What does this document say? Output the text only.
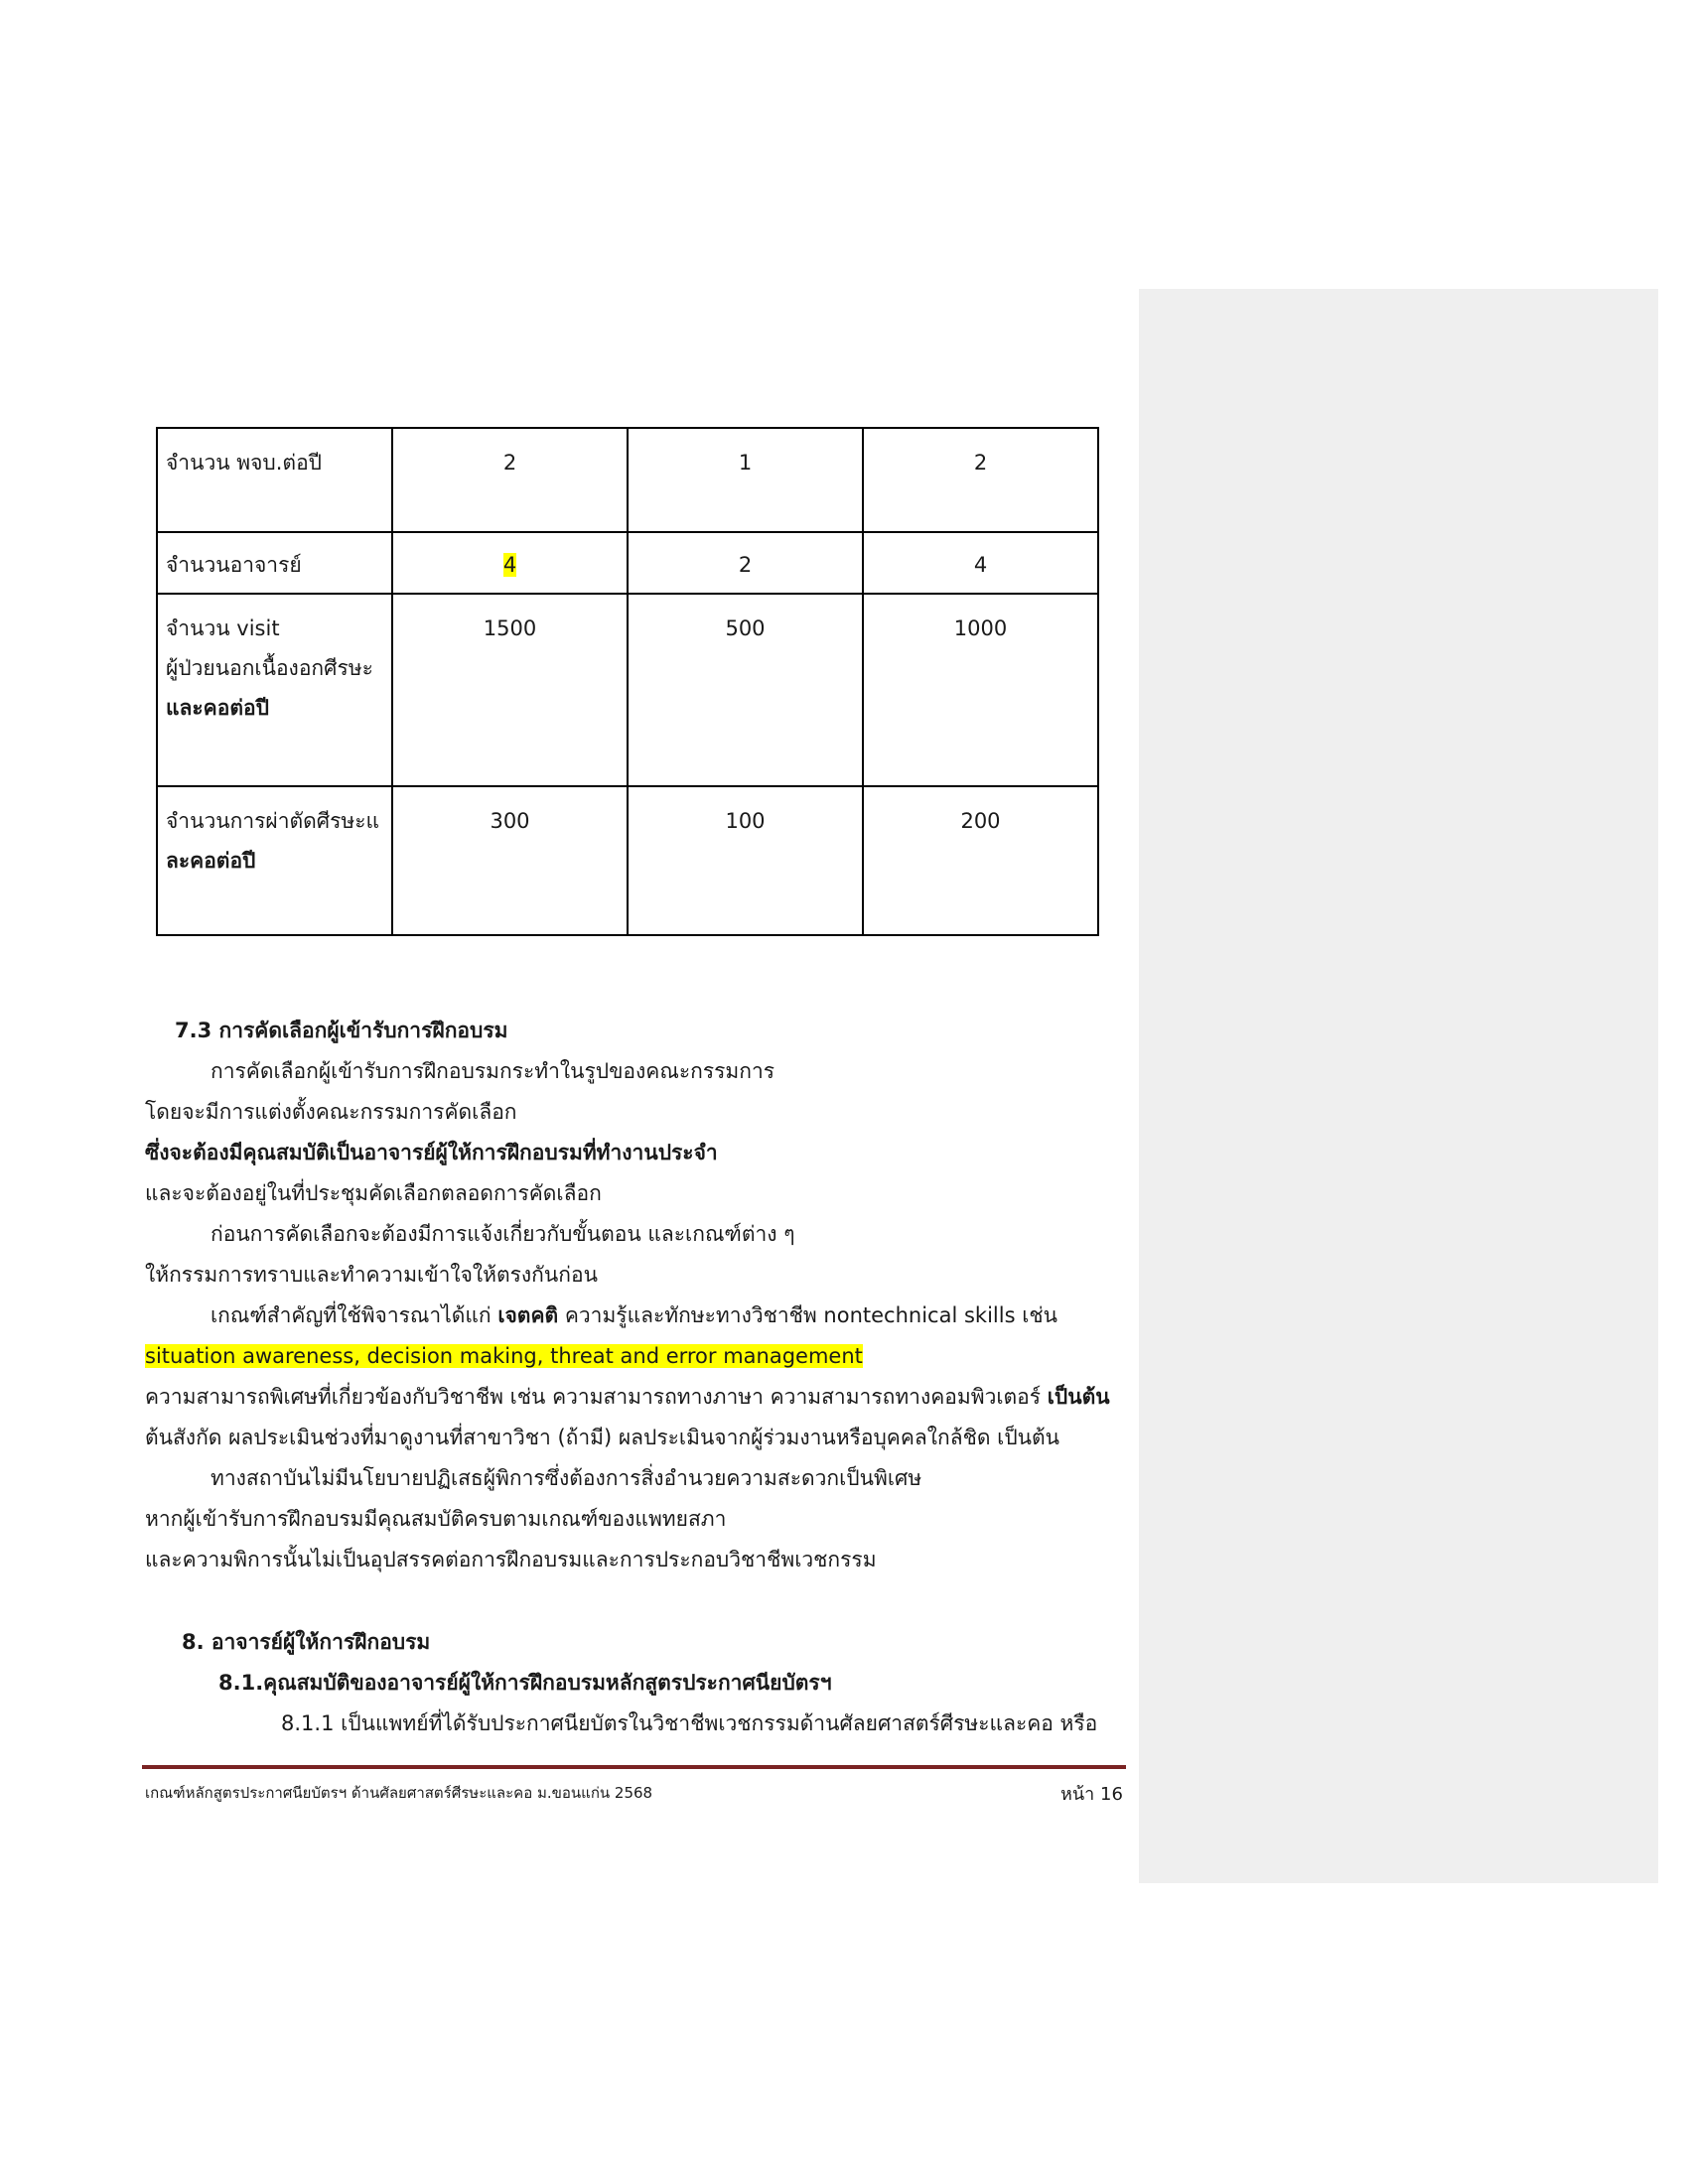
จำนวน พจบ.ต่อปี	2	1	2
จำนวนอาจารย์	4	2	4
จำนวน visit
ผู้ป่วยนอกเนื้องอกศีรษะ
และคอต่อปี	1500	500	1000
จำนวนการผ่าตัดศีรษะแ
ละคอต่อปี	300	100	200

7.3 การคัดเลือกผู้เข้ารับการฝึกอบรม

การคัดเลือกผู้เข้ารับการฝึกอบรมกระทำในรูปของคณะกรรมการ

โดยจะมีการแต่งตั้งคณะกรรมการคัดเลือก

ซึ่งจะต้องมีคุณสมบัติเป็นอาจารย์ผู้ให้การฝึกอบรมที่ทำงานประจำ

และจะต้องอยู่ในที่ประชุมคัดเลือกตลอดการคัดเลือก

ก่อนการคัดเลือกจะต้องมีการแจ้งเกี่ยวกับขั้นตอน และเกณฑ์ต่าง ๆ

ให้กรรมการทราบและทำความเข้าใจให้ตรงกันก่อน

เกณฑ์สำคัญที่ใช้พิจารณาได้แก่ เจตคติ ความรู้และทักษะทางวิชาชีพ nontechnical skills เช่น

situation awareness, decision making, threat and error management

ความสามารถพิเศษที่เกี่ยวข้องกับวิชาชีพ เช่น ความสามารถทางภาษา ความสามารถทางคอมพิวเตอร์ เป็นต้น

ต้นสังกัด ผลประเมินช่วงที่มาดูงานที่สาขาวิชา (ถ้ามี) ผลประเมินจากผู้ร่วมงานหรือบุคคลใกล้ชิด เป็นต้น

ทางสถาบันไม่มีนโยบายปฏิเสธผู้พิการซึ่งต้องการสิ่งอำนวยความสะดวกเป็นพิเศษ

หากผู้เข้ารับการฝึกอบรมมีคุณสมบัติครบตามเกณฑ์ของแพทยสภา

และความพิการนั้นไม่เป็นอุปสรรคต่อการฝึกอบรมและการประกอบวิชาชีพเวชกรรม

8. อาจารย์ผู้ให้การฝึกอบรม

8.1.คุณสมบัติของอาจารย์ผู้ให้การฝึกอบรมหลักสูตรประกาศนียบัตรฯ

8.1.1 เป็นแพทย์ที่ได้รับประกาศนียบัตรในวิชาชีพเวชกรรมด้านศัลยศาสตร์ศีรษะและคอ หรือ

เกณฑ์หลักสูตรประกาศนียบัตรฯ ด้านศัลยศาสตร์ศีรษะและคอ ม.ขอนแก่น 2568	หน้า 16
